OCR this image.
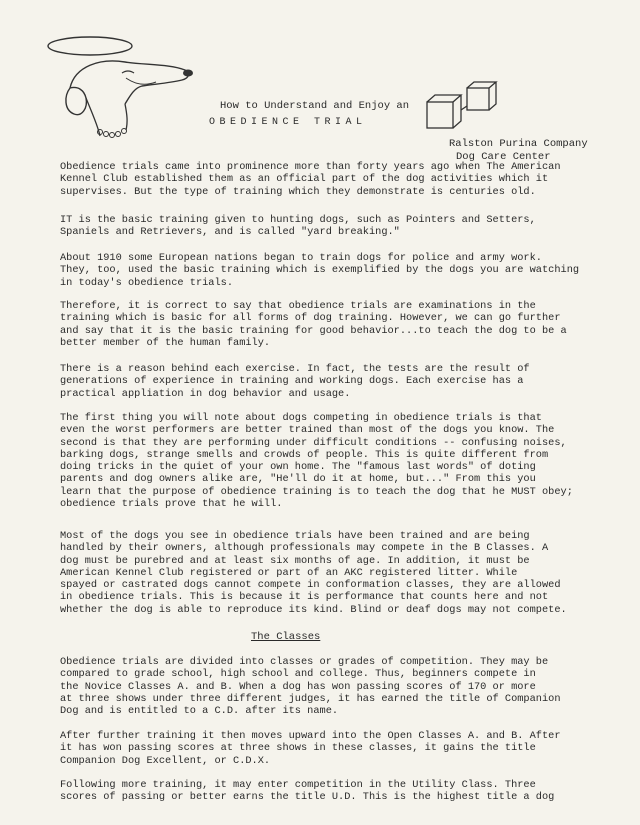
How to Understand and Enjoy an
OBEDIENCE TRIAL
Ralston Purina Company
Dog Care Center
Obedience trials came into prominence more than forty years ago when The American
Kennel Club established them as an official part of the dog activities which it
supervises. But the type of training which they demonstrate is centuries old.
IT is the basic training given to hunting dogs, such as Pointers and Setters,
Spaniels and Retrievers, and is called "yard breaking."
About 1910 some European nations began to train dogs for police and army work.
They, too, used the basic training which is exemplified by the dogs you are watching
in today's obedience trials.
Therefore, it is correct to say that obedience trials are examinations in the
training which is basic for all forms of dog training. However, we can go further
and say that it is the basic training for good behavior...to teach the dog to be a
better member of the human family.
There is a reason behind each exercise. In fact, the tests are the result of
generations of experience in training and working dogs. Each exercise has a
practical appliation in dog behavior and usage.
The first thing you will note about dogs competing in obedience trials is that
even the worst performers are better trained than most of the dogs you know. The
second is that they are performing under difficult conditions -- confusing noises,
barking dogs, strange smells and crowds of people. This is quite different from
doing tricks in the quiet of your own home. The "famous last words" of doting
parents and dog owners alike are, "He'll do it at home, but..." From this you
learn that the purpose of obedience training is to teach the dog that he MUST obey;
obedience trials prove that he will.
Most of the dogs you see in obedience trials have been trained and are being
handled by their owners, although professionals may compete in the B Classes. A
dog must be purebred and at least six months of age. In addition, it must be
American Kennel Club registered or part of an AKC registered litter. While
spayed or castrated dogs cannot compete in conformation classes, they are allowed
in obedience trials. This is because it is performance that counts here and not
whether the dog is able to reproduce its kind. Blind or deaf dogs may not compete.
The Classes
Obedience trials are divided into classes or grades of competition. They may be
compared to grade school, high school and college. Thus, beginners compete in
the Novice Classes A. and B. When a dog has won passing scores of 170 or more
at three shows under three different judges, it has earned the title of Companion
Dog and is entitled to a C.D. after its name.
After further training it then moves upward into the Open Classes A. and B. After
it has won passing scores at three shows in these classes, it gains the title
Companion Dog Excellent, or C.D.X.
Following more training, it may enter competition in the Utility Class. Three
scores of passing or better earns the title U.D. This is the highest title a dog
